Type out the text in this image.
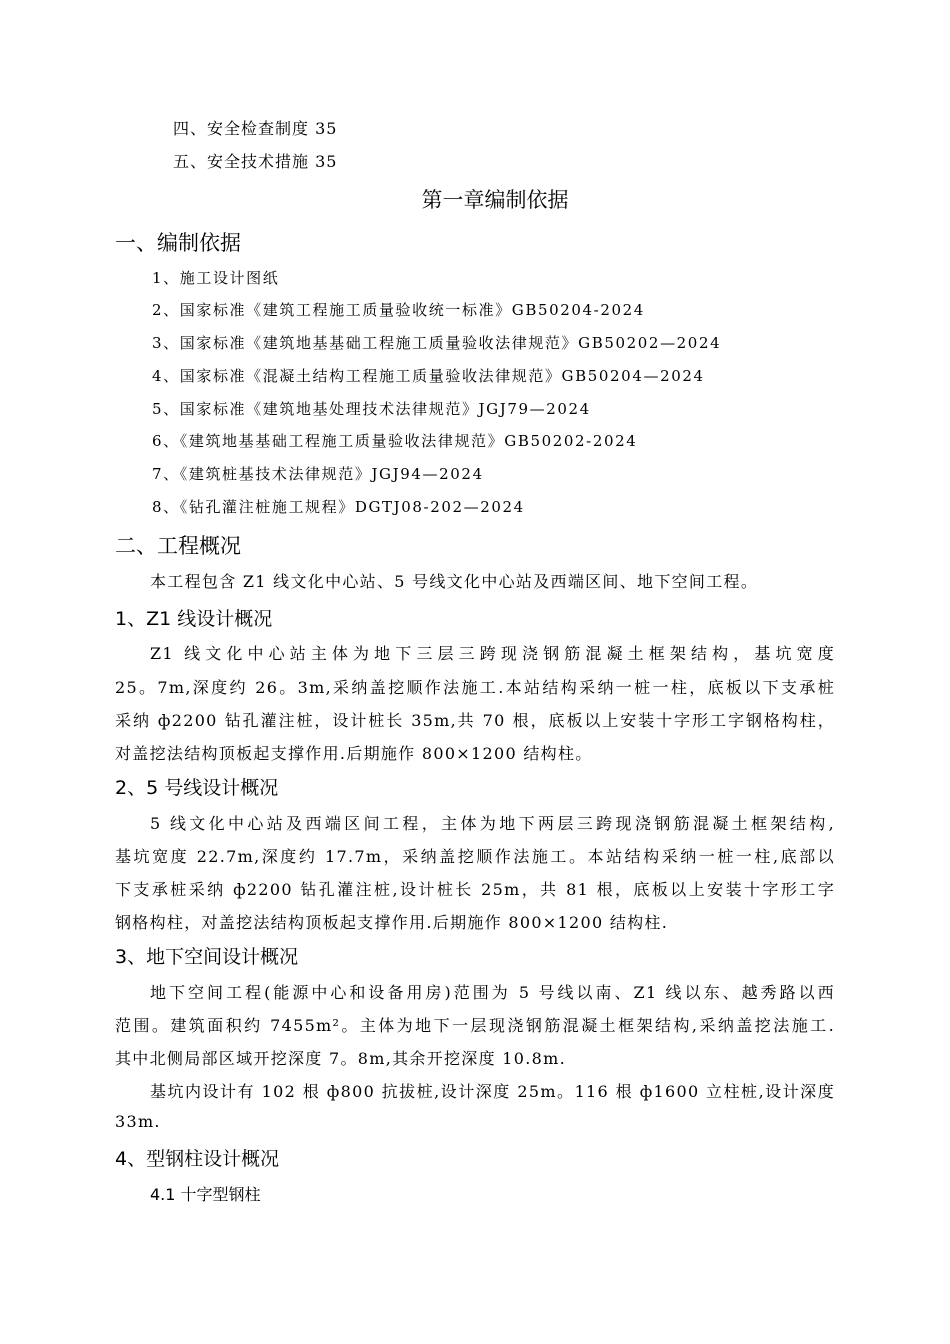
四、安全检查制度 35
五、安全技术措施 35
第一章编制依据
一、编制依据
1、施工设计图纸
2、国家标准《建筑工程施工质量验收统一标准》GB50204-2024
3、国家标准《建筑地基基础工程施工质量验收法律规范》GB50202—2024
4、国家标准《混凝土结构工程施工质量验收法律规范》GB50204—2024
5、国家标准《建筑地基处理技术法律规范》JGJ79—2024
6、《建筑地基基础工程施工质量验收法律规范》GB50202-2024
7、《建筑桩基技术法律规范》JGJ94—2024
8、《钻孔灌注桩施工规程》DGTJ08-202—2024
二、工程概况
本工程包含 Z1 线文化中心站、5 号线文化中心站及西端区间、地下空间工程。
1、Z1 线设计概况
Z1 线文化中心站主体为地下三层三跨现浇钢筋混凝土框架结构，基坑宽度
25。7m,深度约 26。3m,采纳盖挖顺作法施工.本站结构采纳一桩一柱，底板以下支承桩
采纳 ф2200 钻孔灌注桩，设计桩长 35m,共 70 根，底板以上安装十字形工字钢格构柱，
对盖挖法结构顶板起支撑作用.后期施作 800×1200 结构柱。
2、5 号线设计概况
5 线文化中心站及西端区间工程，主体为地下两层三跨现浇钢筋混凝土框架结构,
基坑宽度 22.7m,深度约 17.7m，采纳盖挖顺作法施工。本站结构采纳一桩一柱,底部以
下支承桩采纳 ф2200 钻孔灌注桩,设计桩长 25m，共 81 根，底板以上安装十字形工字
钢格构柱，对盖挖法结构顶板起支撑作用.后期施作 800×1200 结构柱.
3、地下空间设计概况
地下空间工程(能源中心和设备用房)范围为 5 号线以南、Z1 线以东、越秀路以西
范围。建筑面积约 7455m²。主体为地下一层现浇钢筋混凝土框架结构,采纳盖挖法施工.
其中北侧局部区域开挖深度 7。8m,其余开挖深度 10.8m.
基坑内设计有 102 根 ф800 抗拔桩,设计深度 25m。116 根 ф1600 立柱桩,设计深度
33m.
4、型钢柱设计概况
4.1 十字型钢柱
